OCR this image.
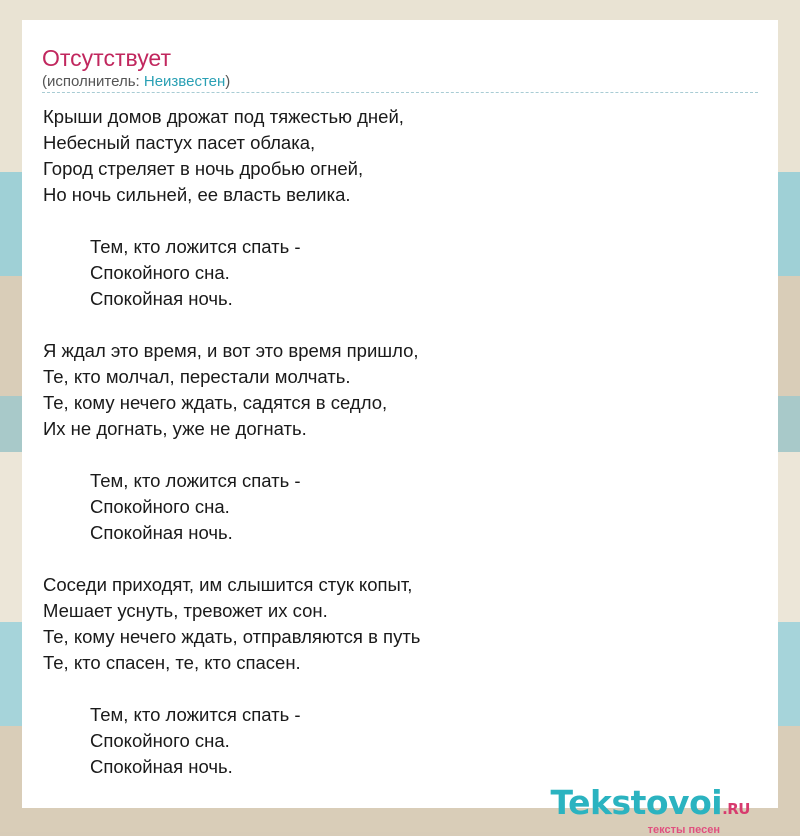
Отсутствует
(исполнитель: Неизвестен)
Крыши домов дрожат под тяжестью дней,
Небесный пастух пасет облака,
Город стреляет в ночь дробью огней,
Но ночь сильней, ее власть велика.
Тем, кто ложится спать -
Спокойного сна.
Спокойная ночь.
Я ждал это время, и вот это время пришло,
Те, кто молчал, перестали молчать.
Те, кому нечего ждать, садятся в седло,
Их не догнать, уже не догнать.
Тем, кто ложится спать -
Спокойного сна.
Спокойная ночь.
Соседи приходят, им слышится стук копыт,
Мешает уснуть, тревожет их сон.
Те, кому нечего ждать, отправляются в путь
Те, кто спасен, те, кто спасен.
Тем, кто ложится спать -
Спокойного сна.
Спокойная ночь.
Tekstovoi.RU
тексты песен
